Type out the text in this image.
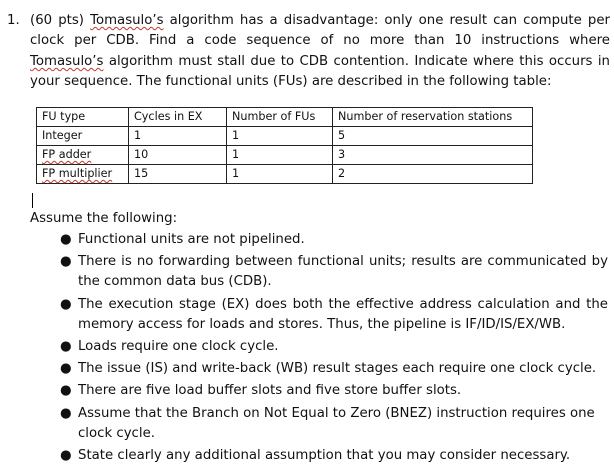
1. (60 pts) Tomasulo’s algorithm has a disadvantage: only one result can compute per clock per CDB. Find a code sequence of no more than 10 instructions where Tomasulo’s algorithm must stall due to CDB contention. Indicate where this occurs in your sequence. The functional units (FUs) are described in the following table:

FU type	Cycles in EX	Number of FUs	Number of reservation stations
Integer	1	1	5
FP adder	10	1	3
FP multiplier	15	1	2

Assume the following:

● Functional units are not pipelined.
● There is no forwarding between functional units; results are communicated by the common data bus (CDB).
● The execution stage (EX) does both the effective address calculation and the memory access for loads and stores. Thus, the pipeline is IF/ID/IS/EX/WB.
● Loads require one clock cycle.
● The issue (IS) and write-back (WB) result stages each require one clock cycle.
● There are five load buffer slots and five store buffer slots.
● Assume that the Branch on Not Equal to Zero (BNEZ) instruction requires one clock cycle.
● State clearly any additional assumption that you may consider necessary.
